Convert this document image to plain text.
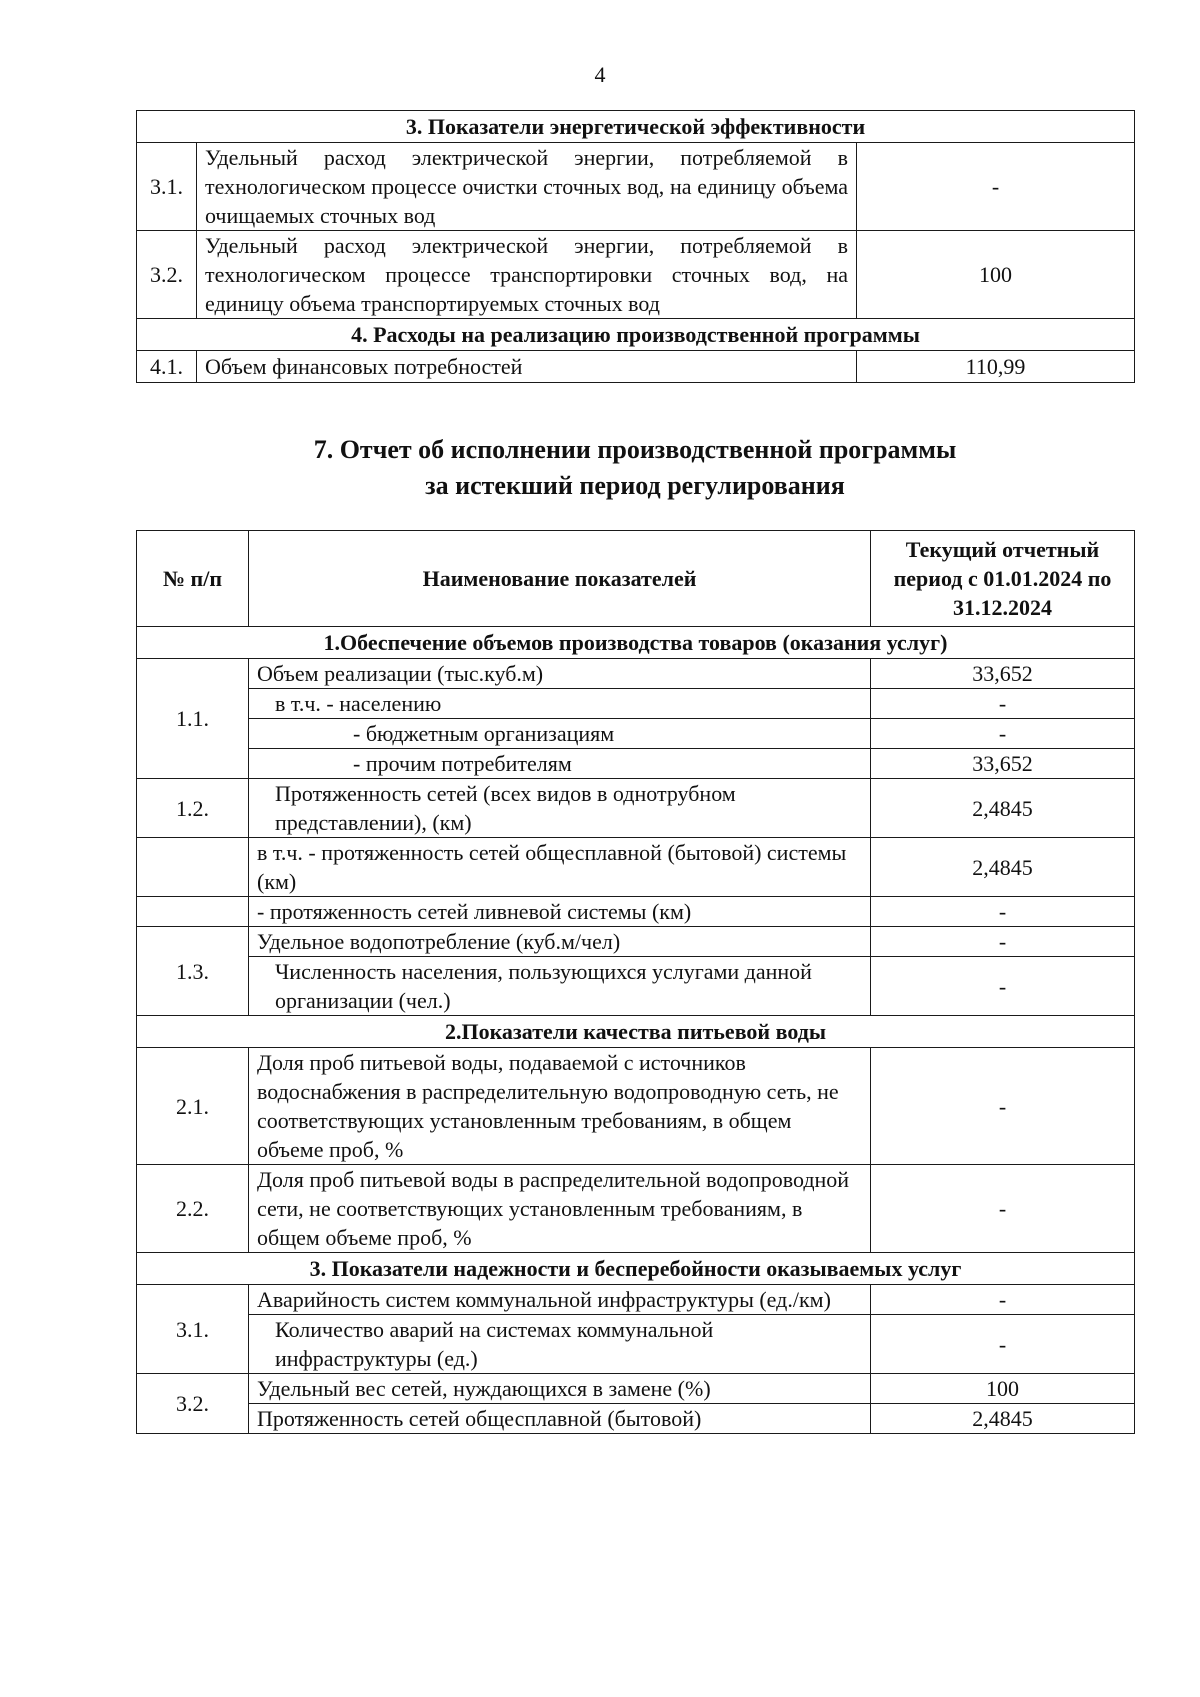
4
3. Показатели энергетической эффективности		
3.1.	Удельный расход электрической энергии, потребляемой в технологическом процессе очистки сточных вод, на единицу объема очищаемых сточных вод	-
3.2.	Удельный расход электрической энергии, потребляемой в технологическом процессе транспортировки сточных вод, на единицу объема транспортируемых сточных вод	100
4. Расходы на реализацию производственной программы		
4.1.	Объем финансовых потребностей	110,99
7. Отчет об исполнении производственной программы
за истекший период регулирования
№ п/п	Наименование показателей	Текущий отчетный период с 01.01.2024 по 31.12.2024
1.Обеспечение объемов производства товаров (оказания услуг)		
1.1.	Объем реализации (тыс.куб.м)	33,652
	в т.ч. - населению	-
	- бюджетным организациям	-
	- прочим потребителям	33,652
1.2.	Протяженность сетей (всех видов в однотрубном представлении), (км)	2,4845
	в т.ч. - протяженность сетей общесплавной (бытовой) системы (км)	2,4845
	- протяженность сетей ливневой системы (км)	-
1.3.	Удельное водопотребление (куб.м/чел)	-
	Численность населения, пользующихся услугами данной организации (чел.)	-
2.Показатели качества питьевой воды		
2.1.	Доля проб питьевой воды, подаваемой с источников водоснабжения в распределительную водопроводную сеть, не соответствующих установленным требованиям, в общем объеме проб, %	-
2.2.	Доля проб питьевой воды в распределительной водопроводной сети, не соответствующих установленным требованиям, в общем объеме проб, %	-
3. Показатели надежности и бесперебойности оказываемых услуг		
3.1.	Аварийность систем коммунальной инфраструктуры (ед./км)	-
	Количество аварий на системах коммунальной инфраструктуры (ед.)	-
3.2.	Удельный вес сетей, нуждающихся в замене (%)	100
	Протяженность сетей общесплавной (бытовой)	2,4845
